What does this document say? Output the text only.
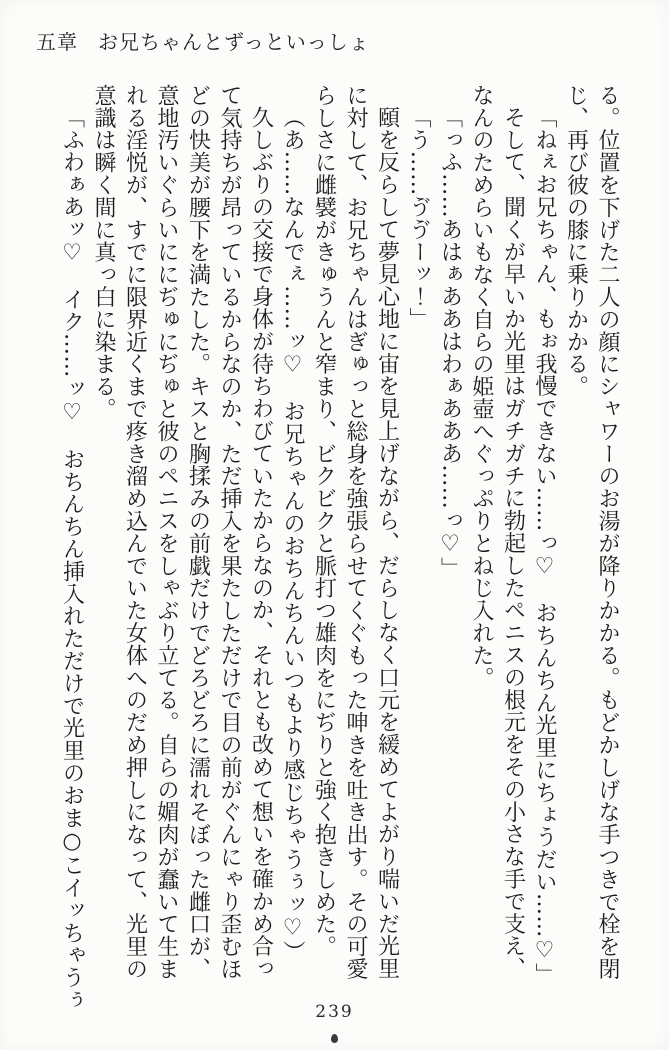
五章 お兄ちゃんとずっといっしょ
る。位置を下げた二人の顔にシャワーのお湯が降りかかる。もどかしげな手つきで栓を閉
じ、再び彼の膝に乗りかかる。
「ねぇお兄ちゃん、もぉ我慢できない……っ♡　おちんちん光里にちょうだい……♡」
そして、聞くが早いか光里はガチガチに勃起したペニスの根元をその小さな手で支え、
なんのためらいもなく自らの姫壺へぐっぷりとねじ入れた。
「っふ……あはぁああはわぁあああ……っ♡」
「う……ゔゔーッ！」
頤を反らして夢見心地に宙を見上げながら、だらしなく口元を緩めてよがり喘いだ光里
に対して、お兄ちゃんはぎゅっと総身を強張らせてくぐもった呻きを吐き出す。その可愛
らしさに雌襞がきゅうんと窄まり、ビクビクと脈打つ雄肉をにぢりと強く抱きしめた。
（あ……なんでぇ……ッ♡　お兄ちゃんのおちんちんいつもより感じちゃうぅッ♡）
久しぶりの交接で身体が待ちわびていたからなのか、それとも改めて想いを確かめ合っ
て気持ちが昂っているからなのか、ただ挿入を果たしただけで目の前がぐんにゃり歪むほ
どの快美が腰下を満たした。キスと胸揉みの前戯だけでどろどろに濡れそぼった雌口が、
意地汚いぐらいににぢゅにぢゅと彼のペニスをしゃぶり立てる。自らの媚肉が蠢いて生ま
れる淫悦が、すでに限界近くまで疼き溜め込んでいた女体へのだめ押しになって、光里の
意識は瞬く間に真っ白に染まる。
「ふわぁあッ♡　イク……ッ♡　おちんちん挿入れただけで光里のおま○こイッちゃうぅ
239
